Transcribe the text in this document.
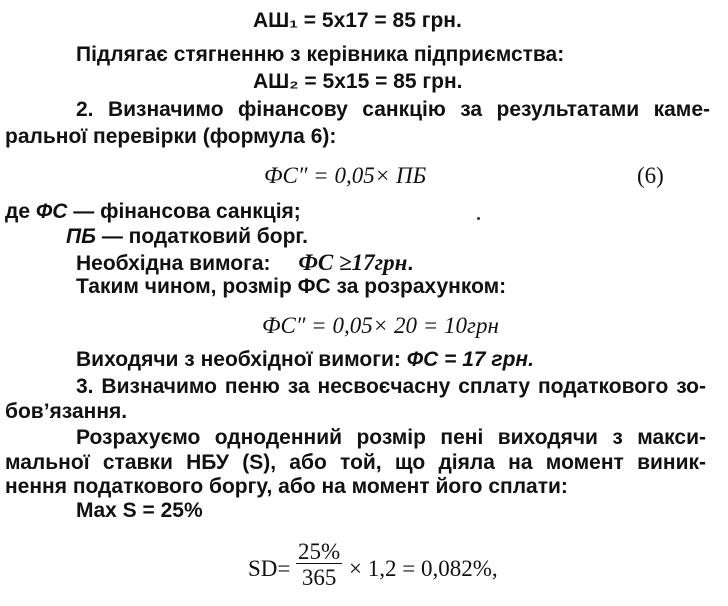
АШ₁ = 5х17 = 85 грн.
Підлягає стягненню з керівника підприємства:
АШ₂ = 5х15 = 85 грн.
2. Визначимо фінансову санкцію за результатами каме-
ральної перевірки (формула 6):
ФС″ = 0,05× ПБ	(6)
де ФС — фінансова санкція;
ПБ — податковий борг.
Необхідна вимога: ФС ≥17грн.
Таким чином, розмір ФС за розрахунком:
ФС″ = 0,05× 20 = 10грн
Виходячи з необхідної вимоги: ФС = 17 грн.
3. Визначимо пеню за несвоєчасну сплату податкового зо-
бов’язання.
Розрахуємо одноденний розмір пені виходячи з макси-
мальної ставки НБУ (S), або той, що діяла на момент виник-
нення податкового боргу, або на момент його сплати:
Max S = 25%
$SD= \frac{25\%}{365} \times 1,2 = 0,082\%$,
